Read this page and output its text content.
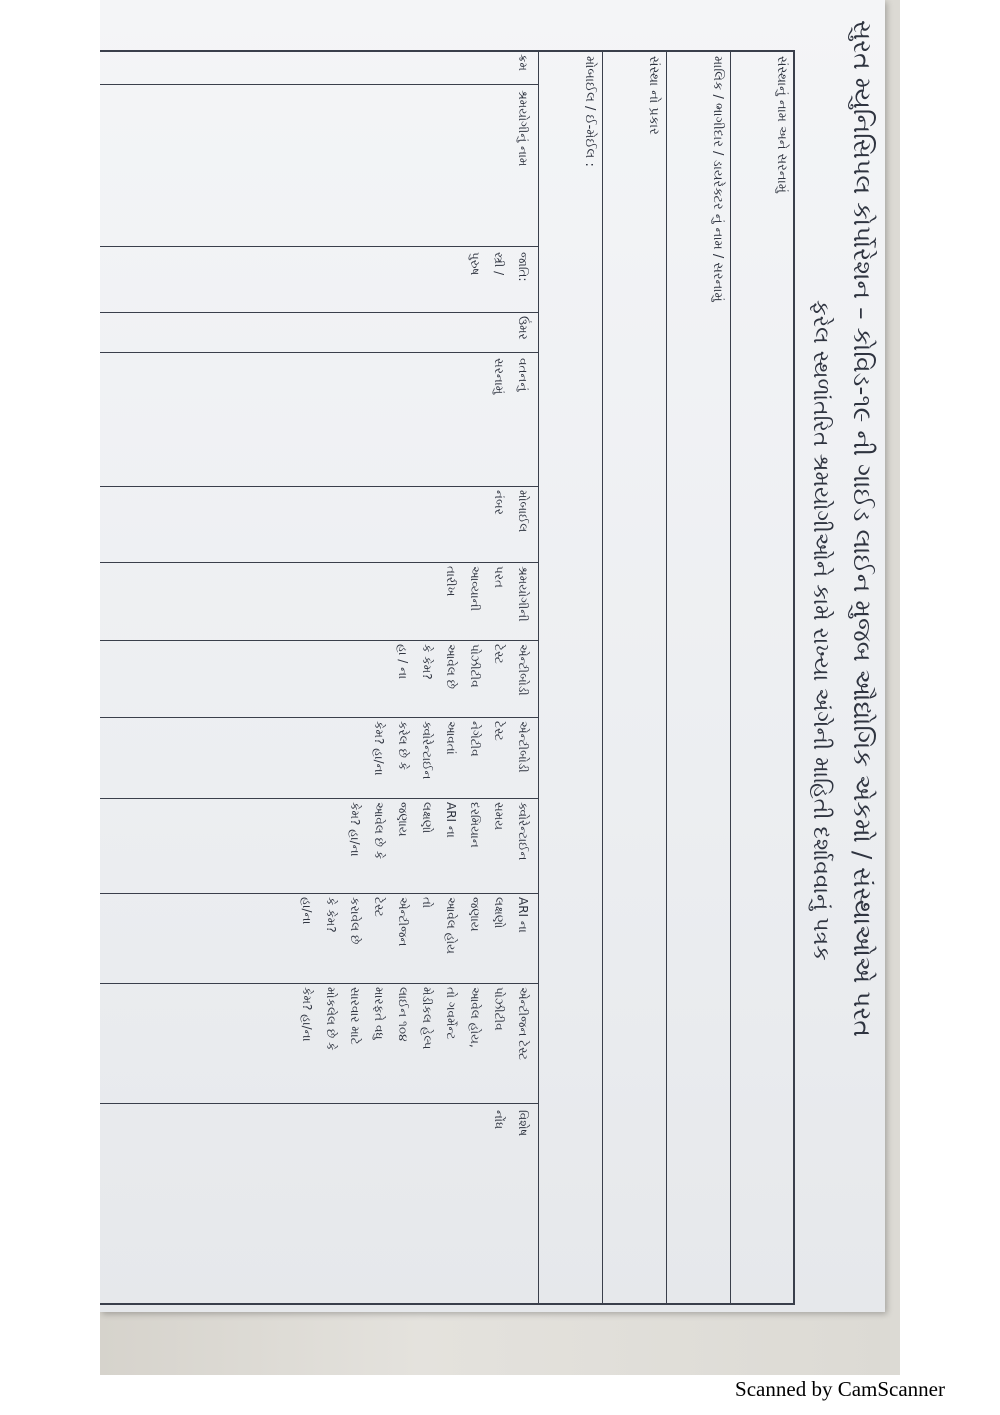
સુરત મ્યુનિસિપલ કોર્પોરેશન – કોવિડ-૧૯ ની ગાઈડ લાઈન મુજબ ઔદ્યોગિક એકમો / સંસ્થાઓએ પરત
ફરેલ સ્થળાંતરિત શ્રમયોગીઓને કામે રાખ્યા અંગેની માહિતી દર્શાવવાનું પત્રક
સંસ્થાનું નામ અને સરનામું
માલિક / ભાગીદાર / ડાયરેક્ટર નું નામ / સરનામું
સંસ્થા નો પ્રકાર
મોબાઈલ / ઈ-મેઈલ :
ક્રમ
શ્રમયોગીનું નામ
જાતિ:
સ્ત્રી /
પુરુષ
ઉંમર
વતનનું
સરનામું
મોબાઈલ
નંબર
શ્રમયોગીની
પરત
આવ્યાની
તારીખ
એન્ટીબોડી
ટેસ્ટ
પોઝીટીવ
આવેલ છે
કે કેમ?
હા / ના
એન્ટીબોડી
ટેસ્ટ
નેગેટીવ
આવતાં
ક્વોરેન્ટાઈન
કરેલ છે કે
કેમ? હા/ના
ક્વોરેન્ટાઈન
સમય
દરમિયાન
ARI ના
લક્ષણો
જણાય
આવેલ છે કે
કેમ? હા/ના
ARI ના
લક્ષણો
જણાય
આવેલ હોય
તો
એન્ટીજન
ટેસ્ટ
કરાવેલ છે
કે કેમ?
હા/ના
એન્ટીજન ટેસ્ટ
પોઝીટીવ
આવેલ હોય,
તો ગવર્મેન્ટ
મેડીકલ હેલ્પ
લાઈન ૧૦૪
મારફતે વધુ
સારવાર માટે
મોકલેલ છે કે
કેમ? હા/ના
વિશેષ
નોંધ
Scanned by CamScanner
